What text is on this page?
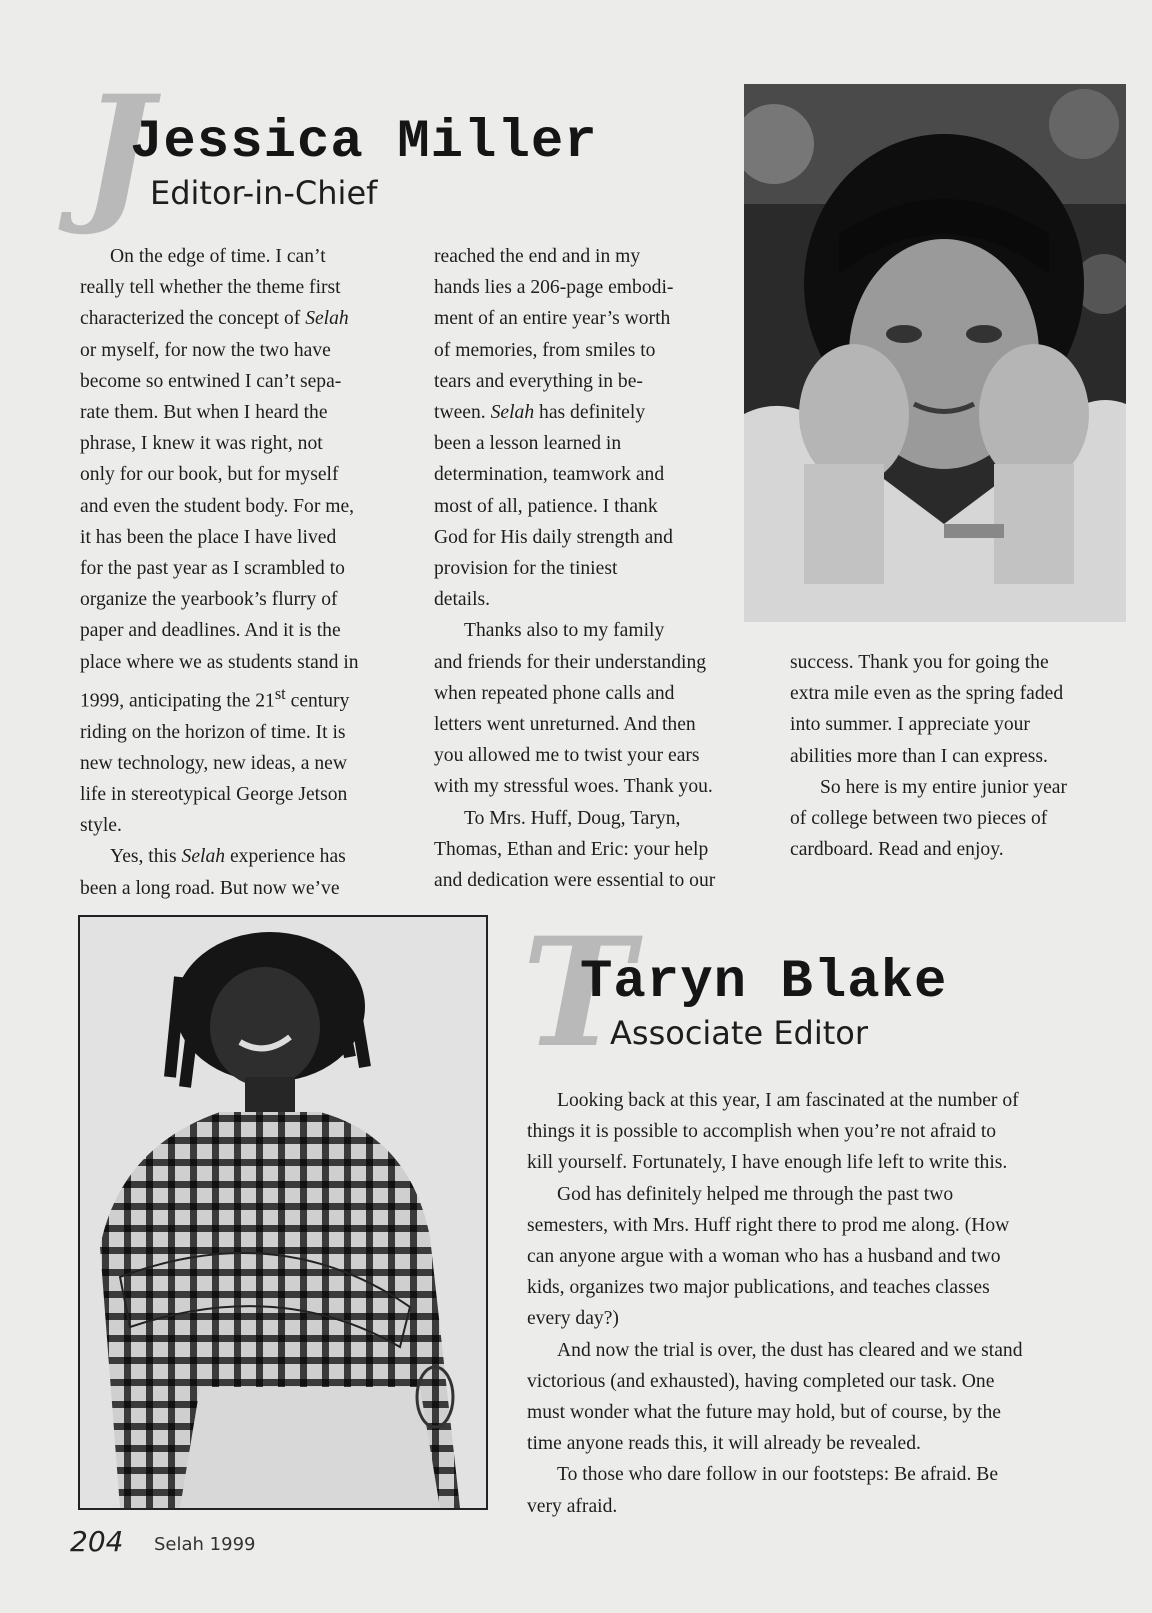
J
Jessica Miller
Editor-in-Chief
On the edge of time. I can’t
really tell whether the theme first
characterized the concept of Selah
or myself, for now the two have
become so entwined I can’t sepa-
rate them. But when I heard the
phrase, I knew it was right, not
only for our book, but for myself
and even the student body. For me,
it has been the place I have lived
for the past year as I scrambled to
organize the yearbook’s flurry of
paper and deadlines. And it is the
place where we as students stand in
1999, anticipating the 21st century
riding on the horizon of time. It is
new technology, new ideas, a new
life in stereotypical George Jetson
style.
Yes, this Selah experience has
been a long road. But now we’ve
reached the end and in my
hands lies a 206-page embodi-
ment of an entire year’s worth
of memories, from smiles to
tears and everything in be-
tween. Selah has definitely
been a lesson learned in
determination, teamwork and
most of all, patience. I thank
God for His daily strength and
provision for the tiniest
details.
Thanks also to my family
and friends for their understanding
when repeated phone calls and
letters went unreturned. And then
you allowed me to twist your ears
with my stressful woes. Thank you.
To Mrs. Huff, Doug, Taryn,
Thomas, Ethan and Eric: your help
and dedication were essential to our
success. Thank you for going the
extra mile even as the spring faded
into summer. I appreciate your
abilities more than I can express.
So here is my entire junior year
of college between two pieces of
cardboard. Read and enjoy.
T
Taryn Blake
Associate Editor
Looking back at this year, I am fascinated at the number of
things it is possible to accomplish when you’re not afraid to
kill yourself. Fortunately, I have enough life left to write this.
God has definitely helped me through the past two
semesters, with Mrs. Huff right there to prod me along. (How
can anyone argue with a woman who has a husband and two
kids, organizes two major publications, and teaches classes
every day?)
And now the trial is over, the dust has cleared and we stand
victorious (and exhausted), having completed our task. One
must wonder what the future may hold, but of course, by the
time anyone reads this, it will already be revealed.
To those who dare follow in our footsteps: Be afraid. Be
very afraid.
204 Selah 1999
